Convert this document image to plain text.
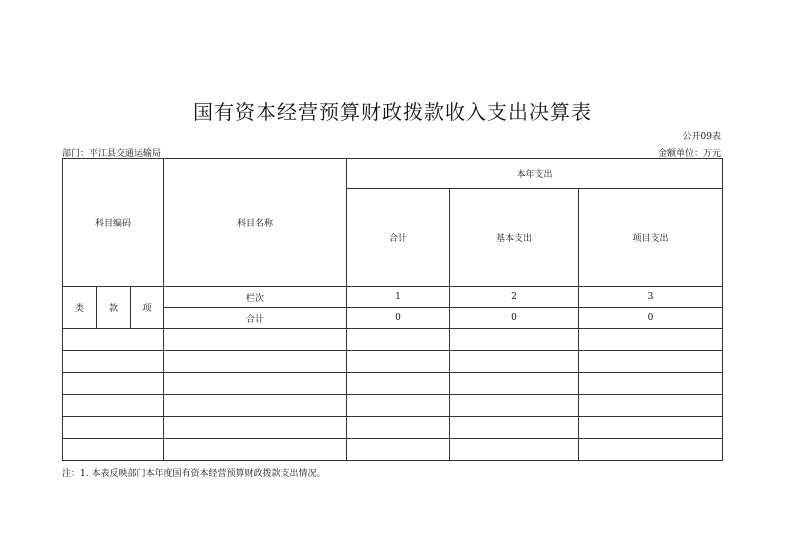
国有资本经营预算财政拨款收入支出决算表
公开09表
部门：平江县交通运输局	金额单位：万元
科目编码			科目名称	本年支出		
				合计	基本支出	项目支出
类	款	项	栏次	1	2	3
			合计	0	0	0

注：1. 本表反映部门本年度国有资本经营预算财政拨款支出情况。
